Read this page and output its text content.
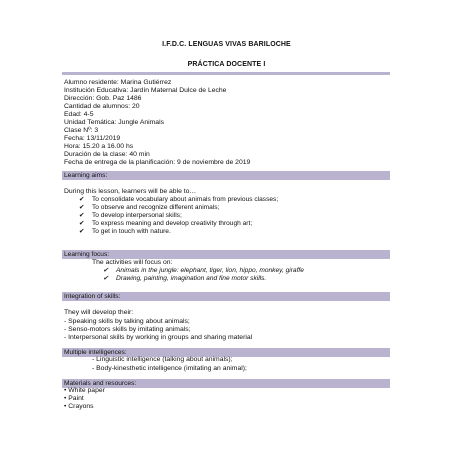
I.F.D.C. LENGUAS VIVAS BARILOCHE
PRÁCTICA DOCENTE I
Alumno residente: Marina Gutiérrez
Institución Educativa: Jardín Maternal Dulce de Leche
Dirección: Gob. Paz 1486
Cantidad de alumnos: 20
Edad: 4-5
Unidad Temática: Jungle Animals
Clase Nº: 3
Fecha: 13/11/2019
Hora: 15.20 a 16.00 hs
Duración de la clase: 40 min
Fecha de entrega de la planificación: 9 de noviembre de 2019
Learning aims:
During this lesson, learners will be able to…
✔ To consolidate vocabulary about animals from previous classes;
✔ To observe and recognize different animals;
✔ To develop interpersonal skills;
✔ To express meaning and develop creativity through art;
✔ To get in touch with nature.
Learning focus:
The activities will focus on:
✔ Animals in the jungle: elephant, tiger, lion, hippo, monkey, giraffe
✔ Drawing, painting, imagination and fine motor skills.
Integration of skills:
They will develop their:
- Speaking skills by talking about animals;
- Senso-motors skills by imitating animals;
- Interpersonal skills by working in groups and sharing material
Multiple intelligences:
- Linguistic intelligence (talking about animals);
- Body-kinesthetic intelligence (imitating an animal);
Materials and resources:
• White paper
• Paint
• Crayons
